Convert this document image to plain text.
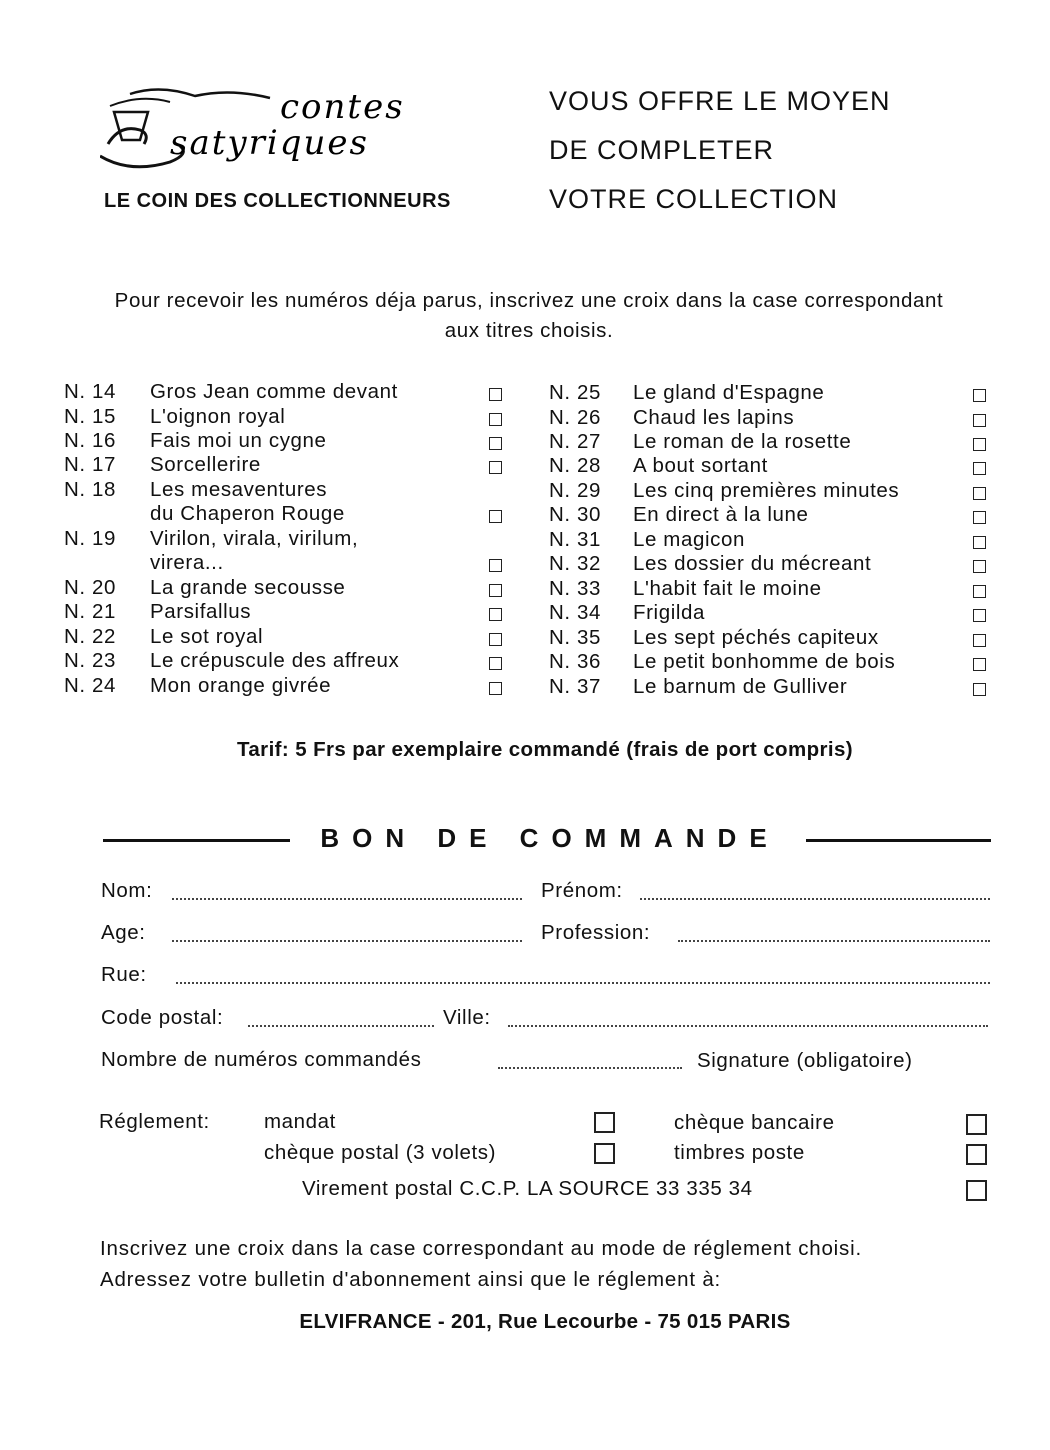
contes
satyriques
LE COIN DES COLLECTIONNEURS
VOUS OFFRE LE MOYEN
DE COMPLETER
VOTRE COLLECTION
Pour recevoir les numéros déja parus, inscrivez une croix dans la case correspondant aux titres choisis.
N. 14 Gros Jean comme devant
N. 15 L'oignon royal
N. 16 Fais moi un cygne
N. 17 Sorcellerire
N. 18 Les mesaventures
du Chaperon Rouge
N. 19 Virilon, virala, virilum,
virera...
N. 20 La grande secousse
N. 21 Parsifallus
N. 22 Le sot royal
N. 23 Le crépuscule des affreux
N. 24 Mon orange givrée
N. 25 Le gland d'Espagne
N. 26 Chaud les lapins
N. 27 Le roman de la rosette
N. 28 A bout sortant
N. 29 Les cinq premières minutes
N. 30 En direct à la lune
N. 31 Le magicon
N. 32 Les dossier du mécreant
N. 33 L'habit fait le moine
N. 34 Frigilda
N. 35 Les sept péchés capiteux
N. 36 Le petit bonhomme de bois
N. 37 Le barnum de Gulliver
Tarif: 5 Frs par exemplaire commandé (frais de port compris)
BON DE COMMANDE
Nom:	Prénom:
Age:	Profession:
Rue:
Code postal:	Ville:
Nombre de numéros commandés	Signature (obligatoire)
Réglement:	mandat	chèque bancaire
chèque postal (3 volets)	timbres poste
Virement postal C.C.P. LA SOURCE 33 335 34
Inscrivez une croix dans la case correspondant au mode de réglement choisi.
Adressez votre bulletin d'abonnement ainsi que le réglement à:
ELVIFRANCE - 201, Rue Lecourbe - 75 015 PARIS
